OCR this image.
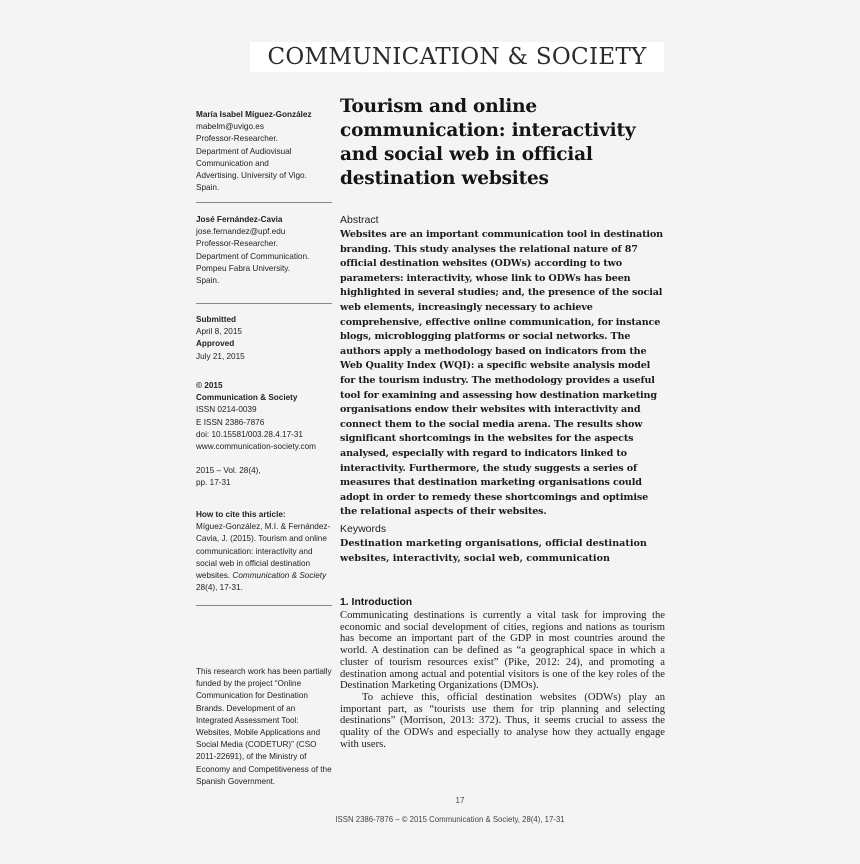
COMMUNICATION & SOCIETY
María Isabel Míguez-González
mabelm@uvigo.es
Professor-Researcher.
Department of Audiovisual
Communication and
Advertising. University of Vigo.
Spain.
José Fernández-Cavia
jose.fernandez@upf.edu
Professor-Researcher.
Department of Communication.
Pompeu Fabra University.
Spain.
Submitted
April 8, 2015
Approved
July 21, 2015
© 2015
Communication & Society
ISSN 0214-0039
E ISSN 2386-7876
doi: 10.15581/003.28.4.17-31
www.communication-society.com
2015 – Vol. 28(4),
pp. 17-31
How to cite this article:
Míguez-González, M.I. & Fernández-Cavia, J. (2015). Tourism and online communication: interactivity and social web in official destination websites. Communication & Society 28(4), 17-31.
This research work has been partially funded by the project “Online Communication for Destination Brands. Development of an Integrated Assessment Tool: Websites, Mobile Applications and Social Media (CODETUR)” (CSO 2011-22691), of the Ministry of Economy and Competitiveness of the Spanish Government.
Tourism and online communication: interactivity and social web in official destination websites
Abstract
Websites are an important communication tool in destination branding. This study analyses the relational nature of 87 official destination websites (ODWs) according to two parameters: interactivity, whose link to ODWs has been highlighted in several studies; and, the presence of the social web elements, increasingly necessary to achieve comprehensive, effective online communication, for instance blogs, microblogging platforms or social networks. The authors apply a methodology based on indicators from the Web Quality Index (WQI): a specific website analysis model for the tourism industry. The methodology provides a useful tool for examining and assessing how destination marketing organisations endow their websites with interactivity and connect them to the social media arena. The results show significant shortcomings in the websites for the aspects analysed, especially with regard to indicators linked to interactivity. Furthermore, the study suggests a series of measures that destination marketing organisations could adopt in order to remedy these shortcomings and optimise the relational aspects of their websites.
Keywords
Destination marketing organisations, official destination websites, interactivity, social web, communication
1. Introduction

Communicating destinations is currently a vital task for improving the economic and social development of cities, regions and nations as tourism has become an important part of the GDP in most countries around the world. A destination can be defined as “a geographical space in which a cluster of tourism resources exist” (Pike, 2012: 24), and promoting a destination among actual and potential visitors is one of the key roles of the Destination Marketing Organizations (DMOs).

To achieve this, official destination websites (ODWs) play an important part, as “tourists use them for trip planning and selecting destinations” (Morrison, 2013: 372). Thus, it seems crucial to assess the quality of the ODWs and especially to analyse how they actually engage with users.

17
ISSN 2386-7876 – © 2015 Communication & Society, 28(4), 17-31
